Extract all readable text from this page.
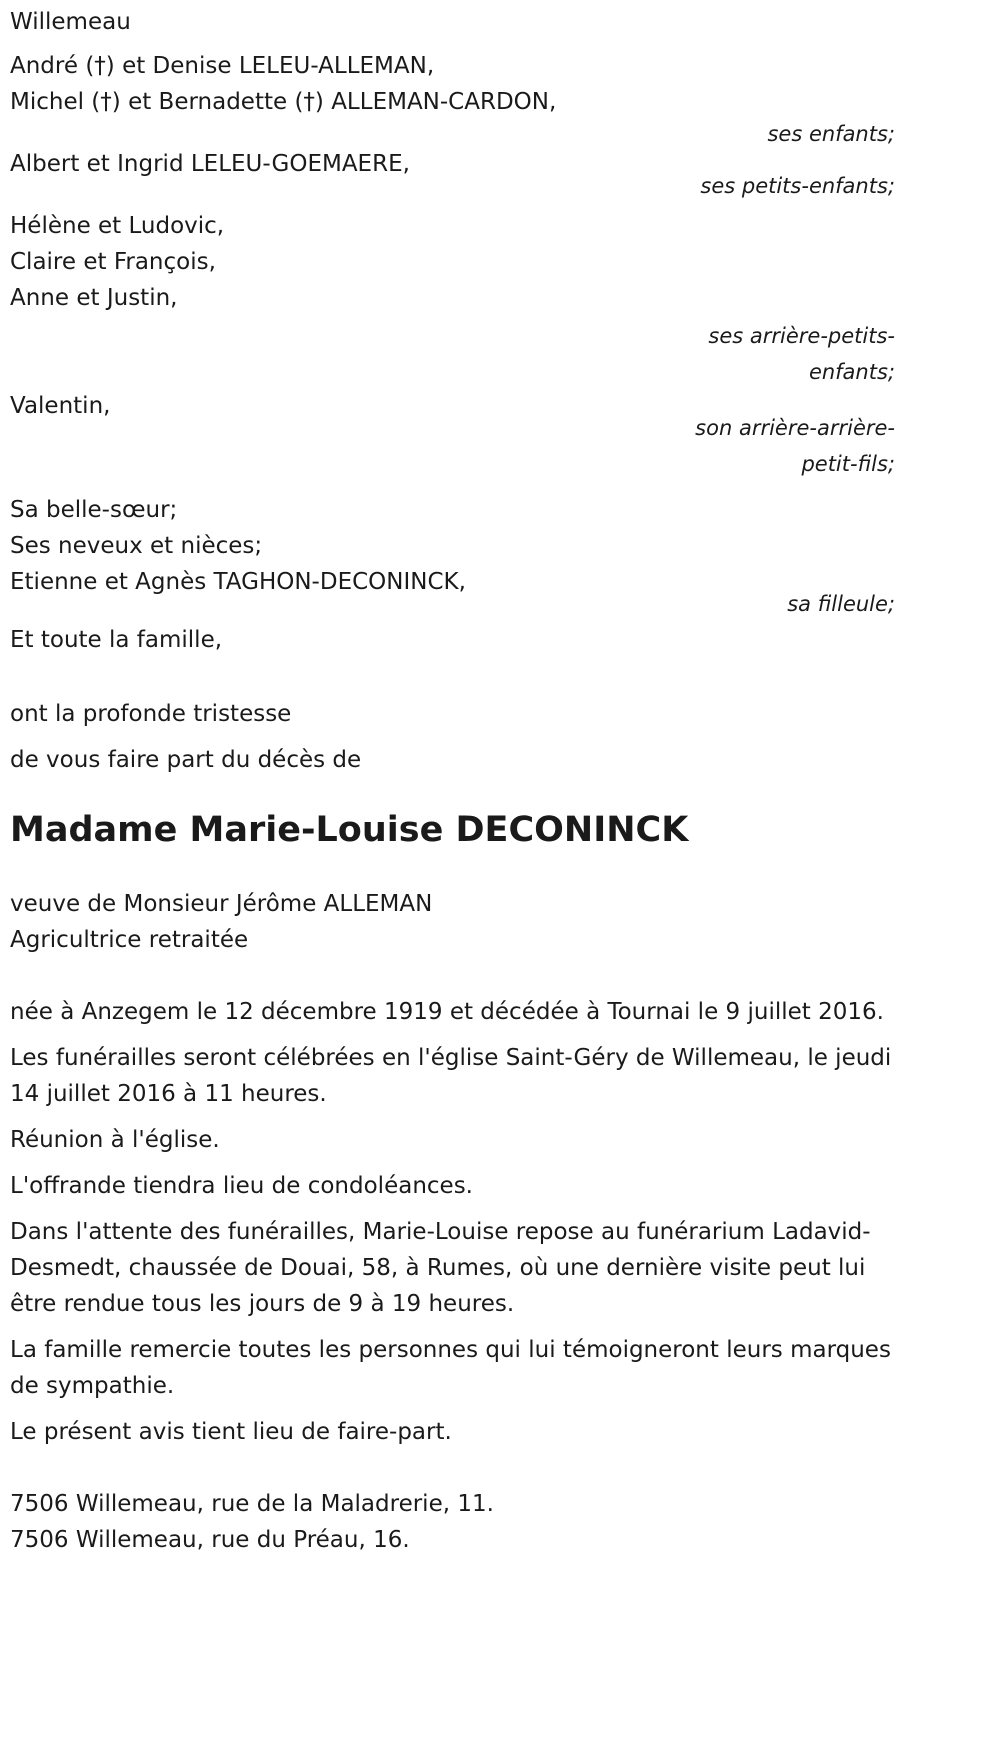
Willemeau
André (†) et Denise LELEU-ALLEMAN,
Michel (†) et Bernadette (†) ALLEMAN-CARDON,
ses enfants;
Albert et Ingrid LELEU-GOEMAERE,
ses petits-enfants;
Hélène et Ludovic,
Claire et François,
Anne et Justin,
ses arrière-petits-
enfants;
Valentin,
son arrière-arrière-
petit-fils;
Sa belle-sœur;
Ses neveux et nièces;
Etienne et Agnès TAGHON-DECONINCK,
sa filleule;
Et toute la famille,
ont la profonde tristesse
de vous faire part du décès de
Madame Marie-Louise DECONINCK
veuve de Monsieur Jérôme ALLEMAN
Agricultrice retraitée
née à Anzegem le 12 décembre 1919 et décédée à Tournai le 9 juillet 2016.
Les funérailles seront célébrées en l'église Saint-Géry de Willemeau, le jeudi 14 juillet 2016 à 11 heures.
Réunion à l'église.
L'offrande tiendra lieu de condoléances.
Dans l'attente des funérailles, Marie-Louise repose au funérarium Ladavid-Desmedt, chaussée de Douai, 58, à Rumes, où une dernière visite peut lui être rendue tous les jours de 9 à 19 heures.
La famille remercie toutes les personnes qui lui témoigneront leurs marques de sympathie.
Le présent avis tient lieu de faire-part.
7506 Willemeau, rue de la Maladrerie, 11.
7506 Willemeau, rue du Préau, 16.
